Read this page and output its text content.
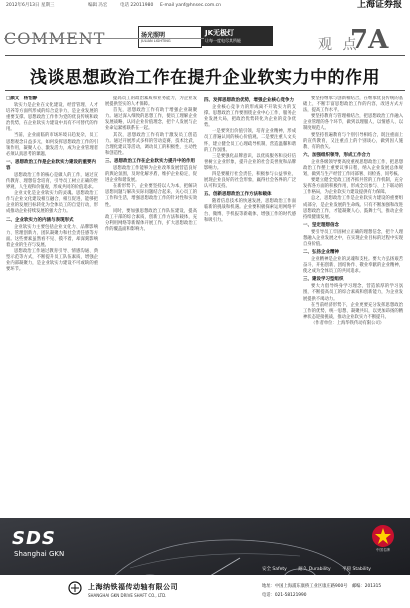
2012年6月13日 星期三	编辑 冯宏	电话 22011980 E-mail yanf@hnsec.com.cn	上海证券报
COMMENT	汤光照明
JULIAN LIGHTING
JK无极灯
让每一度电尽其所能	观 点
7A
浅谈思想政治工作在提升企业软实力中的作用
□颜文　杨怡静

软实力是企业在文化建设、经营管理、人才培养等方面所形成的综合竞争力，是企业发展的重要支撑。思想政治工作作为党的优良传统和政治优势，在企业软实力建设中具有不可替代的作用。

当前，企业面临的市场环境日趋复杂，员工思想观念日益多元，如何发挥思想政治工作的引领作用，凝聚人心、激发活力，成为企业管理者必须认真思考的课题。

一、思想政治工作是企业软实力建设的重要内容

思想政治工作的核心是做人的工作，通过宣传教育、理想信念培育，引导员工树立正确的世界观、人生观和价值观，形成共同的价值追求。

企业文化是企业软实力的灵魂。思想政治工作与企业文化建设相互融合、相互促进，能够把企业的发展目标转化为全体员工的自觉行动，形成推动企业持续发展的强大合力。

二、企业软实力的内涵与表现形式

企业软实力主要包括企业文化力、品牌影响力、管理创新力、团队凝聚力和社会责任感等方面。这些要素虽然看不见、摸不着，却深刻影响着企业的生存与发展。

思想政治工作通过教育引导、情感沟通、典型示范等方式，不断提升员工队伍素质，增强企业内部凝聚力，是企业软实力建设不可或缺的重要环节。

提高员工的政治素质和业务能力，为企业发展提供坚实的人才保障。

首先，思想政治工作有助于增强企业凝聚力。通过深入细致的思想工作，使员工理解企业发展战略，认同企业价值理念，把个人发展与企业命运紧密联系在一起。

其次，思想政治工作有助于激发员工创造力。通过开展形式多样的劳动竞赛、技术比武、合理化建议等活动，调动员工的积极性、主动性和创造性。

三、思想政治工作在企业软实力提升中的作用

思想政治工作能够为企业改革发展营造良好的舆论氛围，及时化解矛盾，维护企业稳定，促进企业和谐发展。

在新形势下，企业要坚持以人为本，把解决思想问题与解决实际问题结合起来，关心员工的工作和生活，增强思想政治工作的针对性和实效性。

同时，要加强思想政治工作队伍建设，提高政工干部的综合素质，创新工作方法和载体，充分利用网络等新媒体开展工作，扩大思想政治工作的覆盖面和影响力。

四、发挥思想政治优势，增强企业核心竞争力

企业核心竞争力的形成离不开软实力的支撑。思想政治工作要围绕企业中心工作，服务企业发展大局，把政治优势转化为企业的竞争优势。

一是要突出价值引领，培育企业精神，形成员工普遍认同的核心价值观。二是要注重人文关怀，建立健全员工心理疏导机制，营造温馨和谐的工作氛围。

三是要强化品牌意识，以优质服务和良好信誉树立企业形象，提升企业的社会美誉度和品牌影响力。

四是要履行社会责任，积极参与公益事业，展现企业良好的社会形象，赢得社会各界的广泛认可和支持。

五、创新思想政治工作方法和载体

随着信息技术的快速发展，思想政治工作面临新的挑战和机遇。企业要积极探索运用网络平台、微博、手机报等新载体，增强工作的时代感和吸引力。

要坚持继承与创新相结合，在继承优良传统的基础上，不断丰富思想政治工作的内容，改进方式方法，提高工作水平。

要坚持教育与管理相结合，把思想政治工作融入企业管理的各个环节，做到以理服人、以情感人、以制度规范人。

要坚持普遍教育与个别引导相结合，既注重面上的宣传教育，又注重点上的个别谈心，做到因人施教、有的放矢。

六、加强组织领导，形成工作合力

企业各级领导要高度重视思想政治工作，把思想政治工作摆上重要议事日程，纳入企业发展总体规划，做到与生产经营工作同部署、同检查、同考核。

要建立健全党政工团齐抓共管的工作机制，充分发挥各方面的积极作用，形成全员参与、上下联动的工作格局，为企业软实力建设提供有力保障。

总之，思想政治工作是企业软实力建设的重要组成部分，是企业发展的生命线。只有不断加强和改进思想政治工作，才能凝聚人心、鼓舞士气，推动企业持续健康发展。

一、坚定理想信念

要引导员工牢固树立正确的理想信念，把个人理想融入企业发展之中，在实现企业目标的过程中实现自身价值。

二、弘扬企业精神

企业精神是企业的灵魂和支柱。要大力弘扬艰苦奋斗、开拓创新、团结协作、敬业奉献的企业精神，使之成为全体员工的共同追求。

三、建设学习型组织

要大力倡导终身学习理念，营造浓厚的学习氛围，不断提高员工的综合素质和创新能力，为企业发展提供不竭动力。

在当前经济形势下，企业更要充分发挥思想政治工作的优势，统一思想、凝聚共识，以更加昂扬的精神状态迎接挑战，推动企业软实力不断提升。

（作者单位：上海华铁传动有限公司）

SDS
Shanghai GKN	中国名牌
安全 Safety	耐久 Durability	平稳 Stability
上海纳铁福传动轴有限公司
SHANGHAI GKN DRIVE SHAFT CO., LTD.
地址：中国上海浦东康桥工业区康庄路900号　邮编：201315
电话：021-58121990
